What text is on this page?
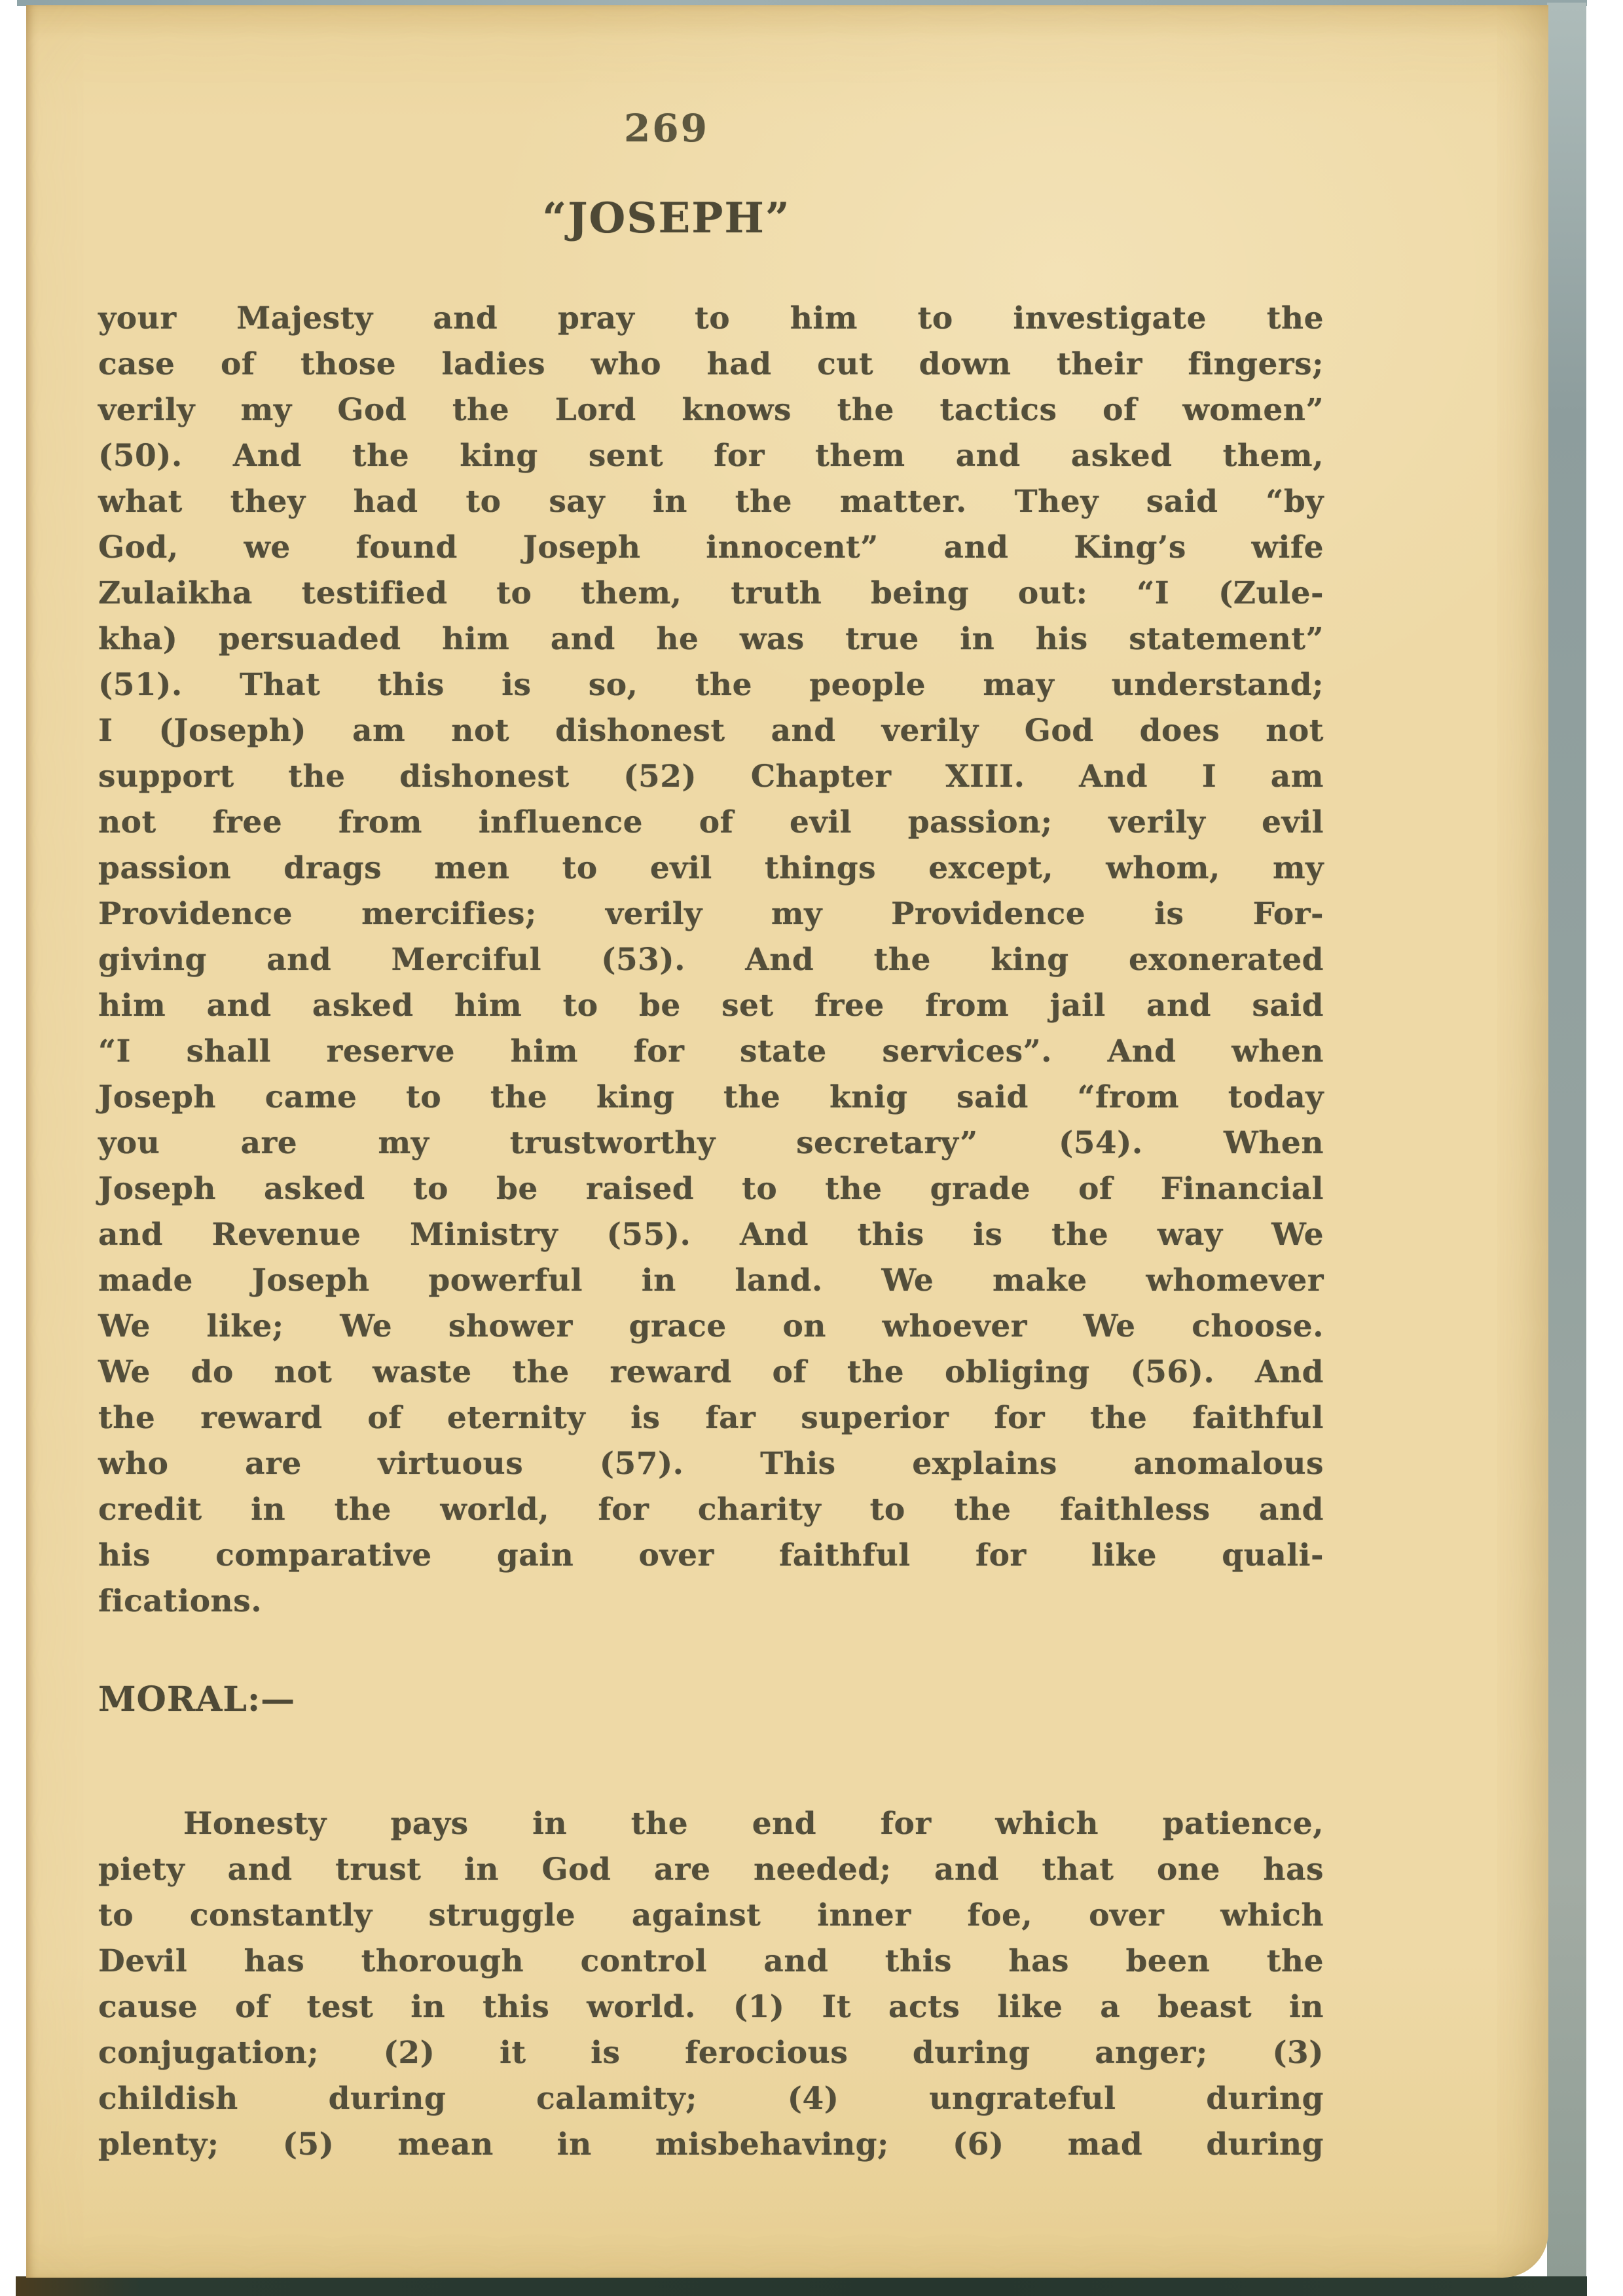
269
“JOSEPH”
your Majesty and pray to him to investigate the
case of those ladies who had cut down their fingers;
verily my God the Lord knows the tactics of women”
(50). And the king sent for them and asked them,
what they had to say in the matter. They said “by
God, we found Joseph innocent” and King’s wife
Zulaikha testified to them, truth being out: “I (Zule-
kha) persuaded him and he was true in his statement”
(51). That this is so, the people may understand;
I (Joseph) am not dishonest and verily God does not
support the dishonest (52) Chapter XIII. And I am
not free from influence of evil passion; verily evil
passion drags men to evil things except, whom, my
Providence mercifies; verily my Providence is For-
giving and Merciful (53). And the king exonerated
him and asked him to be set free from jail and said
“I shall reserve him for state services”. And when
Joseph came to the king the knig said “from today
you are my trustworthy secretary” (54). When
Joseph asked to be raised to the grade of Financial
and Revenue Ministry (55). And this is the way We
made Joseph powerful in land. We make whomever
We like; We shower grace on whoever We choose.
We do not waste the reward of the obliging (56). And
the reward of eternity is far superior for the faithful
who are virtuous (57). This explains anomalous
credit in the world, for charity to the faithless and
his comparative gain over faithful for like quali-
fications.
MORAL:—
Honesty pays in the end for which patience,
piety and trust in God are needed; and that one has
to constantly struggle against inner foe, over which
Devil has thorough control and this has been the
cause of test in this world. (1) It acts like a beast in
conjugation; (2) it is ferocious during anger; (3)
childish during calamity; (4) ungrateful during
plenty; (5) mean in misbehaving; (6) mad during
